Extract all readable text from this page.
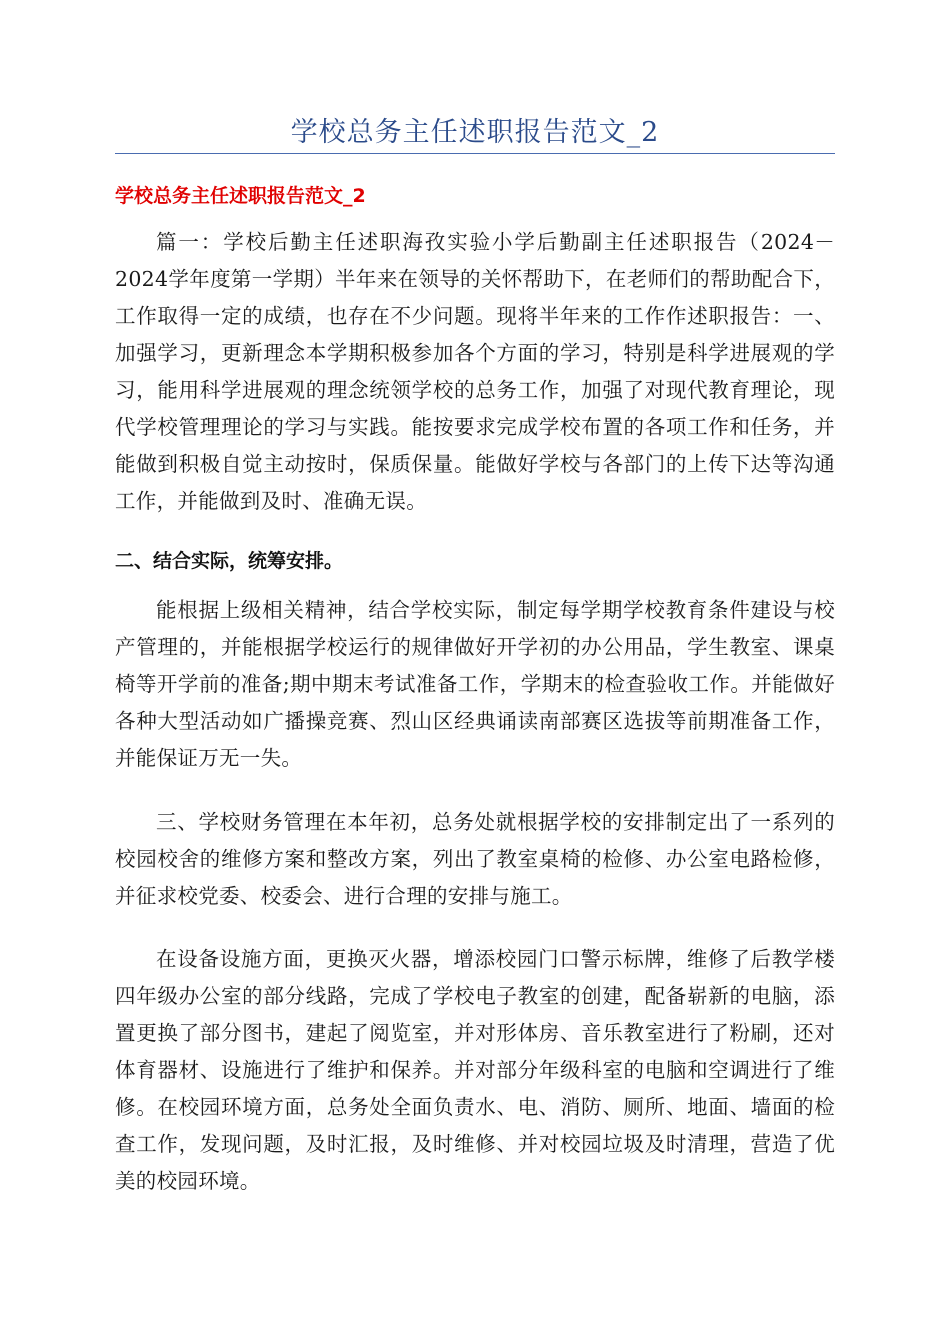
学校总务主任述职报告范文_2
学校总务主任述职报告范文_2

篇一：学校后勤主任述职海孜实验小学后勤副主任述职报告（2024－2024学年度第一学期）半年来在领导的关怀帮助下，在老师们的帮助配合下，工作取得一定的成绩，也存在不少问题。现将半年来的工作作述职报告：一、加强学习，更新理念本学期积极参加各个方面的学习，特别是科学进展观的学习，能用科学进展观的理念统领学校的总务工作，加强了对现代教育理论，现代学校管理理论的学习与实践。能按要求完成学校布置的各项工作和任务，并能做到积极自觉主动按时，保质保量。能做好学校与各部门的上传下达等沟通工作，并能做到及时、准确无误。

二、结合实际，统筹安排。

能根据上级相关精神，结合学校实际，制定每学期学校教育条件建设与校产管理的，并能根据学校运行的规律做好开学初的办公用品，学生教室、课桌椅等开学前的准备;期中期末考试准备工作，学期末的检查验收工作。并能做好各种大型活动如广播操竞赛、烈山区经典诵读南部赛区选拔等前期准备工作，并能保证万无一失。

三、学校财务管理在本年初，总务处就根据学校的安排制定出了一系列的校园校舍的维修方案和整改方案，列出了教室桌椅的检修、办公室电路检修，并征求校党委、校委会、进行合理的安排与施工。

在设备设施方面，更换灭火器，增添校园门口警示标牌，维修了后教学楼四年级办公室的部分线路，完成了学校电子教室的创建，配备崭新的电脑，添置更换了部分图书，建起了阅览室，并对形体房、音乐教室进行了粉刷，还对体育器材、设施进行了维护和保养。并对部分年级科室的电脑和空调进行了维修。在校园环境方面，总务处全面负责水、电、消防、厕所、地面、墙面的检查工作，发现问题，及时汇报，及时维修、并对校园垃圾及时清理，营造了优美的校园环境。
